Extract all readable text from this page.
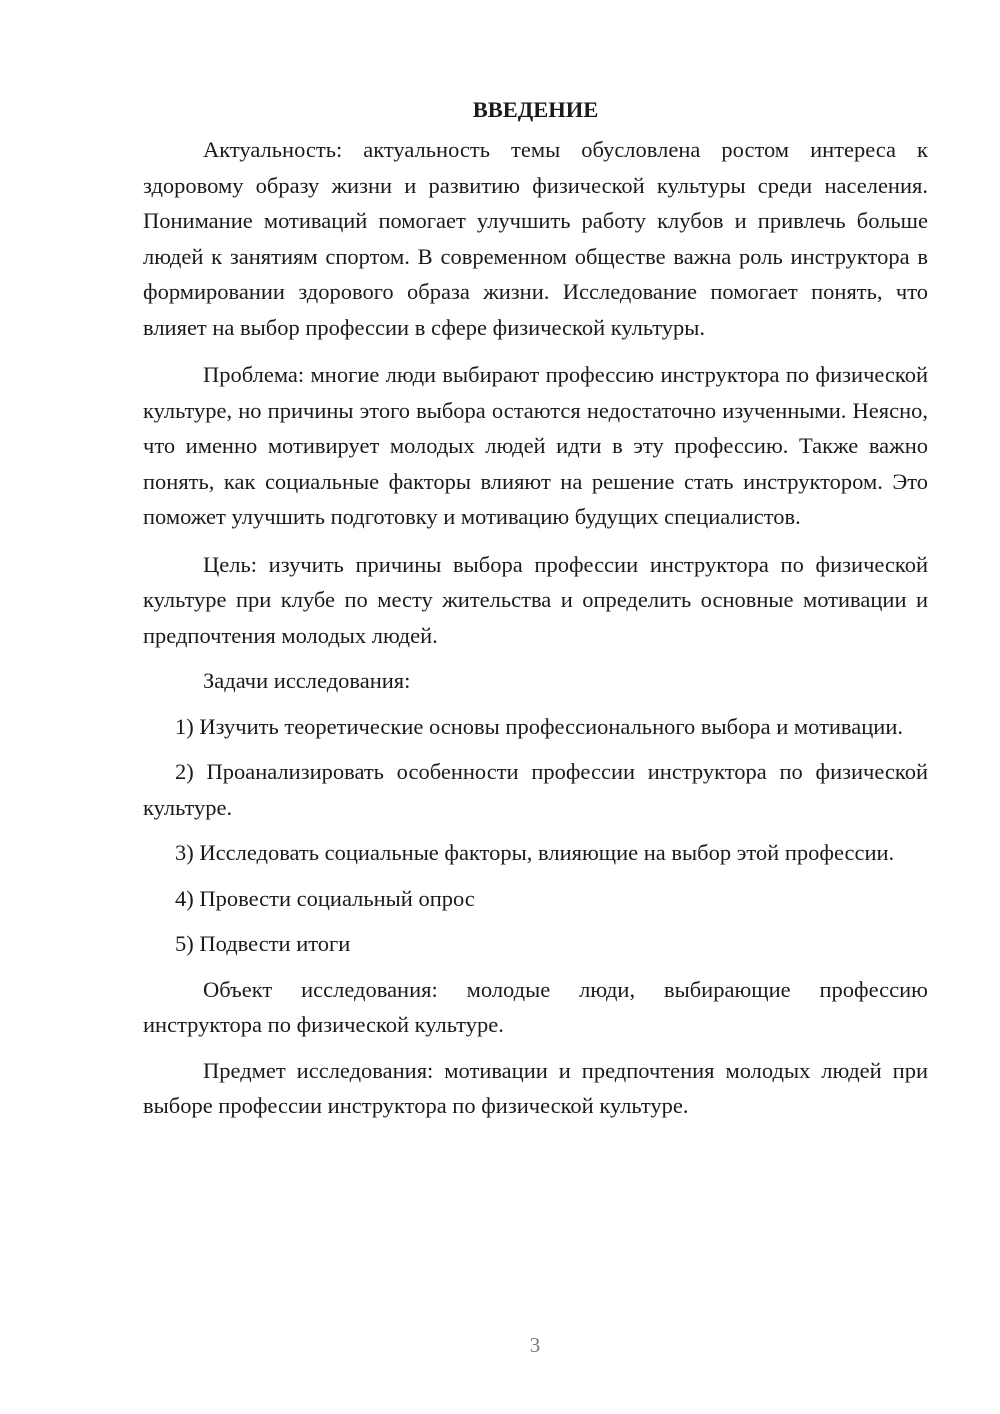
ВВЕДЕНИЕ

Актуальность: актуальность темы обусловлена ростом интереса к здоровому образу жизни и развитию физической культуры среди населения. Понимание мотиваций помогает улучшить работу клубов и привлечь больше людей к занятиям спортом. В современном обществе важна роль инструктора в формировании здорового образа жизни. Исследование помогает понять, что влияет на выбор профессии в сфере физической культуры.

Проблема: многие люди выбирают профессию инструктора по физической культуре, но причины этого выбора остаются недостаточно изученными. Неясно, что именно мотивирует молодых людей идти в эту профессию. Также важно понять, как социальные факторы влияют на решение стать инструктором. Это поможет улучшить подготовку и мотивацию будущих специалистов.

Цель: изучить причины выбора профессии инструктора по физической культуре при клубе по месту жительства и определить основные мотивации и предпочтения молодых людей.

Задачи исследования:
1) Изучить теоретические основы профессионального выбора и мотивации.
2) Проанализировать особенности профессии инструктора по физической культуре.
3) Исследовать социальные факторы, влияющие на выбор этой профессии.
4) Провести социальный опрос
5) Подвести итоги

Объект исследования: молодые люди, выбирающие профессию инструктора по физической культуре.

Предмет исследования: мотивации и предпочтения молодых людей при выборе профессии инструктора по физической культуре.

3
